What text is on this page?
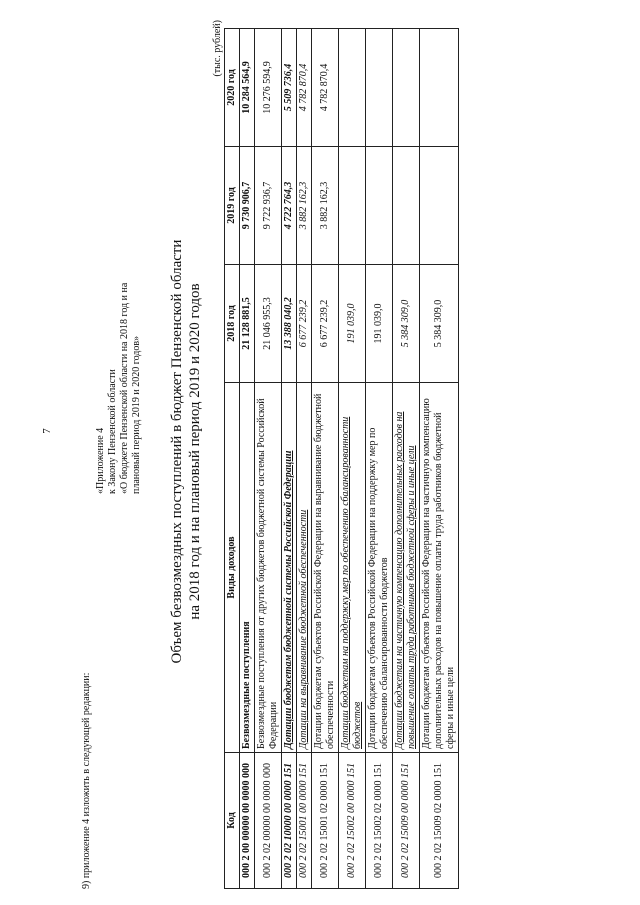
7
9) приложение 4 изложить в следующей редакции:
«Приложение 4 к Закону Пензенской области «О бюджете Пензенской области на 2018 год и на плановый период 2019 и 2020 годов» Объем безвозмездных поступлений в бюджет Пензенской области на 2018 год и на плановый период 2019 и 2020 годов
(тыс. рублей)
Код	Виды доходов	2018 год	2019 год	2020 год
000 2 00 00000 00 0000 000	Безвозмездные поступления	21 128 881,5	9 730 906,7	10 284 564,9
000 2 02 00000 00 0000 000	Безвозмездные поступления от других бюджетов бюджетной системы Российской Федерации	21 046 955,3	9 722 936,7	10 276 594,9
000 2 02 10000 00 0000 151	Дотации бюджетам бюджетной системы Российской Федерации	13 388 040,2	4 722 764,3	5 509 736,4
000 2 02 15001 00 0000 151	Дотации на выравнивание бюджетной обеспеченности	6 677 239,2	3 882 162,3	4 782 870,4
000 2 02 15001 02 0000 151	Дотации бюджетам субъектов Российской Федерации на выравнивание бюджетной обеспеченности	6 677 239,2	3 882 162,3	4 782 870,4
000 2 02 15002 00 0000 151	Дотации бюджетам на поддержку мер по обеспечению сбалансированности бюджетов	191 039,0		
000 2 02 15002 02 0000 151	Дотации бюджетам субъектов Российской Федерации на поддержку мер по обеспечению сбалансированности бюджетов	191 039,0		
000 2 02 15009 00 0000 151	Дотации бюджетам на частичную компенсацию дополнительных расходов на повышение оплаты труда работников бюджетной сферы и иные цели	5 384 309,0		
000 2 02 15009 02 0000 151	Дотации бюджетам субъектов Российской Федерации на частичную компенсацию дополнительных расходов на повышение оплаты труда работников бюджетной сферы и иные цели	5 384 309,0		
